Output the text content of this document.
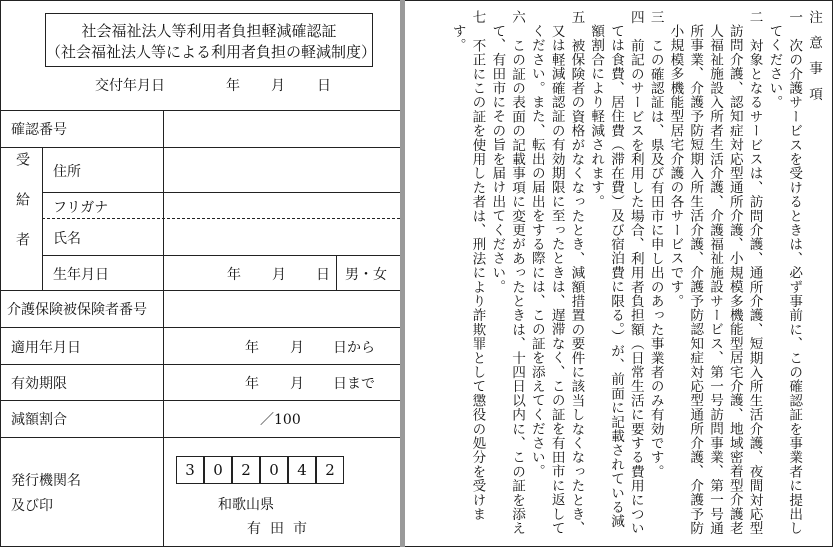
社会福祉法人等利用者負担軽減確認証
（社会福祉法人等による利用者負担の軽減制度）
交付年月日	年 月 日
確認番号
受給者 住所
フリガナ
氏名
生年月日	年 月 日 男・女
介護保険被保険者番号
適用年月日	年 月 日から
有効期限	年 月 日まで
減額割合	／100
発行機関名
及び印
3	0	2	0	4	2
和歌山県
有田市
注意事項
一　次の介護サービスを受けるときは、必ず事前に、この確認証を事業者に提出してください。
二　対象となるサービスは、訪問介護、通所介護、短期入所生活介護、夜間対応型訪問介護、認知症対応型通所介護、小規模多機能型居宅介護、地域密着型介護老人福祉施設入所者生活介護、介護福祉施設サービス、第一号訪問事業、第一号通所事業、介護予防短期入所生活介護、介護予防認知症対応型通所介護、介護予防小規模多機能型居宅介護の各サービスです。
三　この確認証は、県及び有田市に申し出のあった事業者のみ有効です。
四　前記のサービスを利用した場合、利用者負担額（日常生活に要する費用については食費、居住費（滞在費）及び宿泊費に限る。）が、前面に記載されている減額割合により軽減されます。
五　被保険者の資格がなくなったとき、減額措置の要件に該当しなくなったとき、又は軽減確認証の有効期限に至ったときは、遅滞なく、この証を有田市に返してください。また、転出の届出をする際には、この証を添えてください。
六　この証の表面の記載事項に変更があったときは、十四日以内に、この証を添えて、有田市にその旨を届け出てください。
七　不正にこの証を使用した者は、刑法により詐欺罪として懲役の処分を受けます。
